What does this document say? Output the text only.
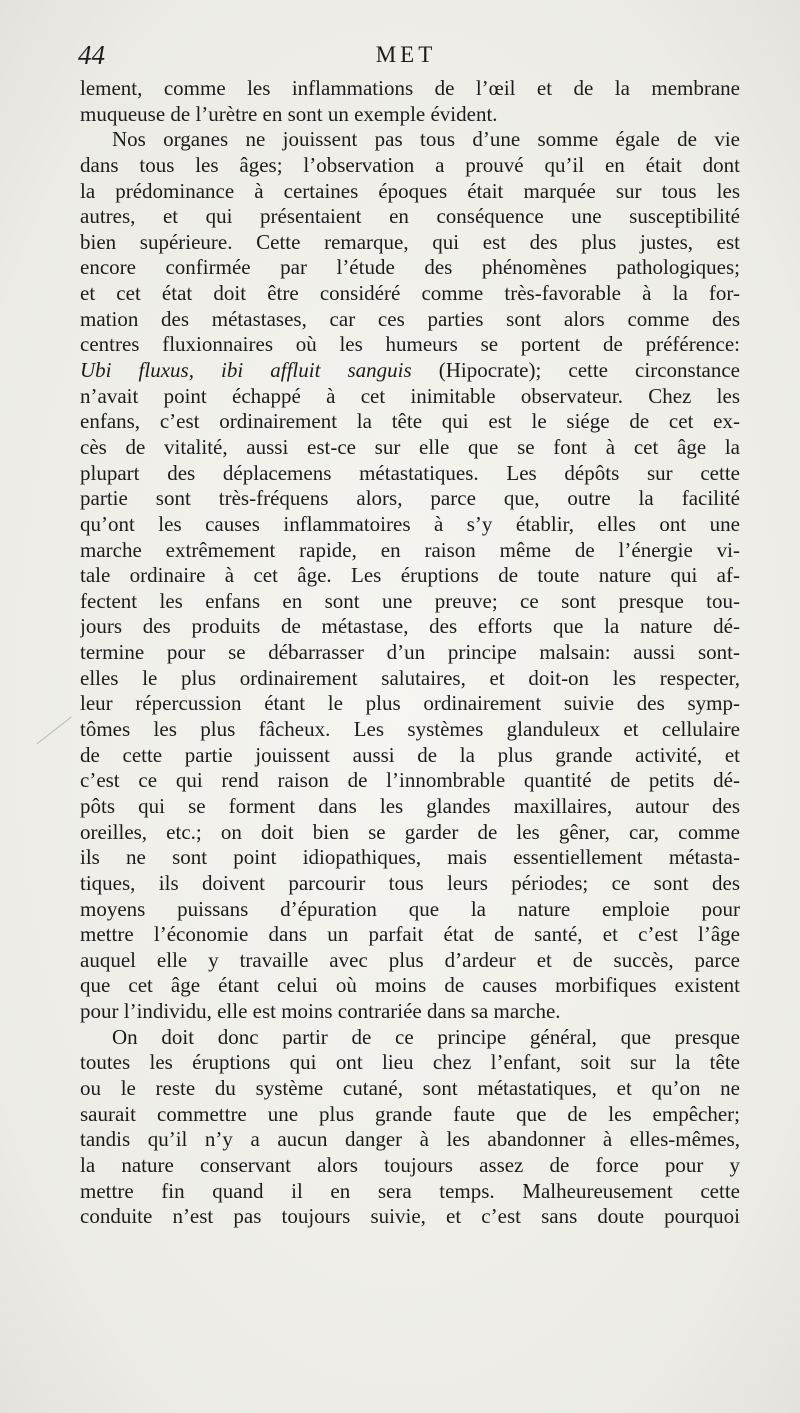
44	MET
lement, comme les inflammations de l’œil et de la membrane
muqueuse de l’urètre en sont un exemple évident.
Nos organes ne jouissent pas tous d’une somme égale de vie
dans tous les âges; l’observation a prouvé qu’il en était dont
la prédominance à certaines époques était marquée sur tous les
autres, et qui présentaient en conséquence une susceptibilité
bien supérieure. Cette remarque, qui est des plus justes, est
encore confirmée par l’étude des phénomènes pathologiques;
et cet état doit être considéré comme très-favorable à la for-
mation des métastases, car ces parties sont alors comme des
centres fluxionnaires où les humeurs se portent de préférence:
Ubi fluxus, ibi affluit sanguis (Hipocrate); cette circonstance
n’avait point échappé à cet inimitable observateur. Chez les
enfans, c’est ordinairement la tête qui est le siége de cet ex-
cès de vitalité, aussi est-ce sur elle que se font à cet âge la
plupart des déplacemens métastatiques. Les dépôts sur cette
partie sont très-fréquens alors, parce que, outre la facilité
qu’ont les causes inflammatoires à s’y établir, elles ont une
marche extrêmement rapide, en raison même de l’énergie vi-
tale ordinaire à cet âge. Les éruptions de toute nature qui af-
fectent les enfans en sont une preuve; ce sont presque tou-
jours des produits de métastase, des efforts que la nature dé-
termine pour se débarrasser d’un principe malsain: aussi sont-
elles le plus ordinairement salutaires, et doit-on les respecter,
leur répercussion étant le plus ordinairement suivie des symp-
tômes les plus fâcheux. Les systèmes glanduleux et cellulaire
de cette partie jouissent aussi de la plus grande activité, et
c’est ce qui rend raison de l’innombrable quantité de petits dé-
pôts qui se forment dans les glandes maxillaires, autour des
oreilles, etc.; on doit bien se garder de les gêner, car, comme
ils ne sont point idiopathiques, mais essentiellement métasta-
tiques, ils doivent parcourir tous leurs périodes; ce sont des
moyens puissans d’épuration que la nature emploie pour
mettre l’économie dans un parfait état de santé, et c’est l’âge
auquel elle y travaille avec plus d’ardeur et de succès, parce
que cet âge étant celui où moins de causes morbifiques existent
pour l’individu, elle est moins contrariée dans sa marche.
On doit donc partir de ce principe général, que presque
toutes les éruptions qui ont lieu chez l’enfant, soit sur la tête
ou le reste du système cutané, sont métastatiques, et qu’on ne
saurait commettre une plus grande faute que de les empêcher;
tandis qu’il n’y a aucun danger à les abandonner à elles-mêmes,
la nature conservant alors toujours assez de force pour y
mettre fin quand il en sera temps. Malheureusement cette
conduite n’est pas toujours suivie, et c’est sans doute pourquoi
